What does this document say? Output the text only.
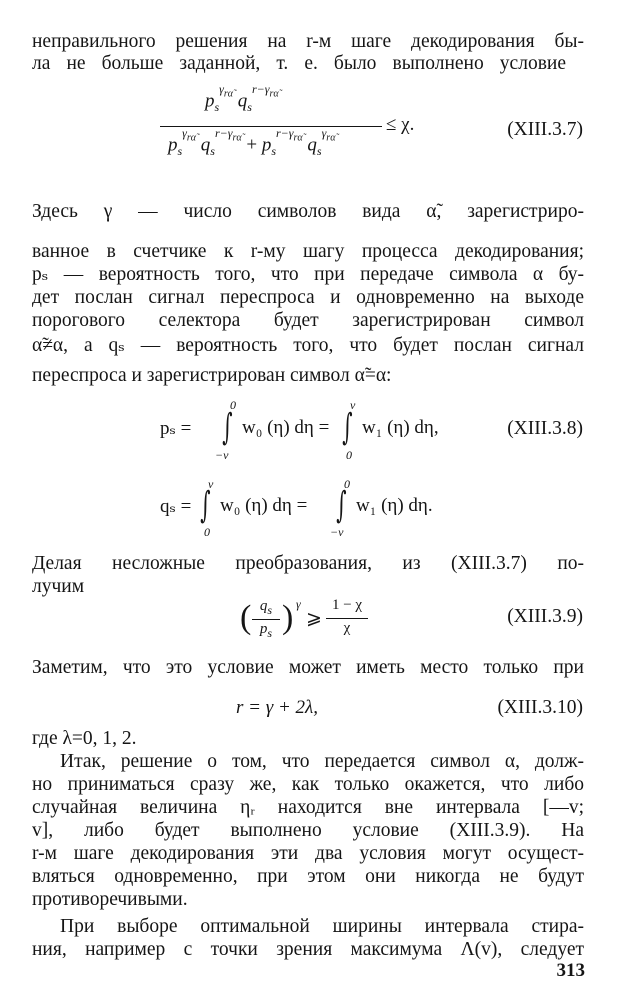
неправильного решения на r-м шаге декодирования бы-
ла не больше заданной, т. е. было выполнено условие
$p_s^{\gamma_{r\alphã}}$ $q_s^{r-\gamma_{r\alphã}}$
$p_s^{\gamma_{r\alphã}}$ $q_s^{r-\gamma_{r\alphã}} + p_s^{r-\gamma_{r\alphã}}$ $q_s^{\gamma_{r\alphã}}$
≤ χ.	(XIII.3.7)
Здесь γ — число символов вида α̃, зарегистриро-
ванное в счетчике к r-му шагу процесса декодирования;
pₛ — вероятность того, что при передаче символа α бу-
дет послан сигнал переспроса и одновременно на выходе
порогового селектора будет зарегистрирован символ
α̃≠α, а qₛ — вероятность того, что будет послан сигнал
переспроса и зарегистрирован символ α̃=α:
pₛ =
0
∫
−v
w₀ (η) dη =
v
∫
0
w₁ (η) dη,	(XIII.3.8)
qₛ =
v
∫
0
w₀ (η) dη =
0
∫
−v
w₁ (η) dη.
Делая несложные преобразования, из (XIII.3.7) по-
лучим
( $q_s$
$p_s$ ) γ
⩾
1 − χ
χ
(XIII.3.9)
Заметим, что это условие может иметь место только при
r = γ + 2λ,	(XIII.3.10)
где λ=0, 1, 2.
Итак, решение о том, что передается символ α, долж-
но приниматься сразу же, как только окажется, что либо
случайная величина ηᵣ находится вне интервала [—v;
v], либо будет выполнено условие (XIII.3.9). На
r-м шаге декодирования эти два условия могут осущест-
вляться одновременно, при этом они никогда не будут
противоречивыми.
При выборе оптимальной ширины интервала стира-
ния, например с точки зрения максимума Λ(v), следует
313
